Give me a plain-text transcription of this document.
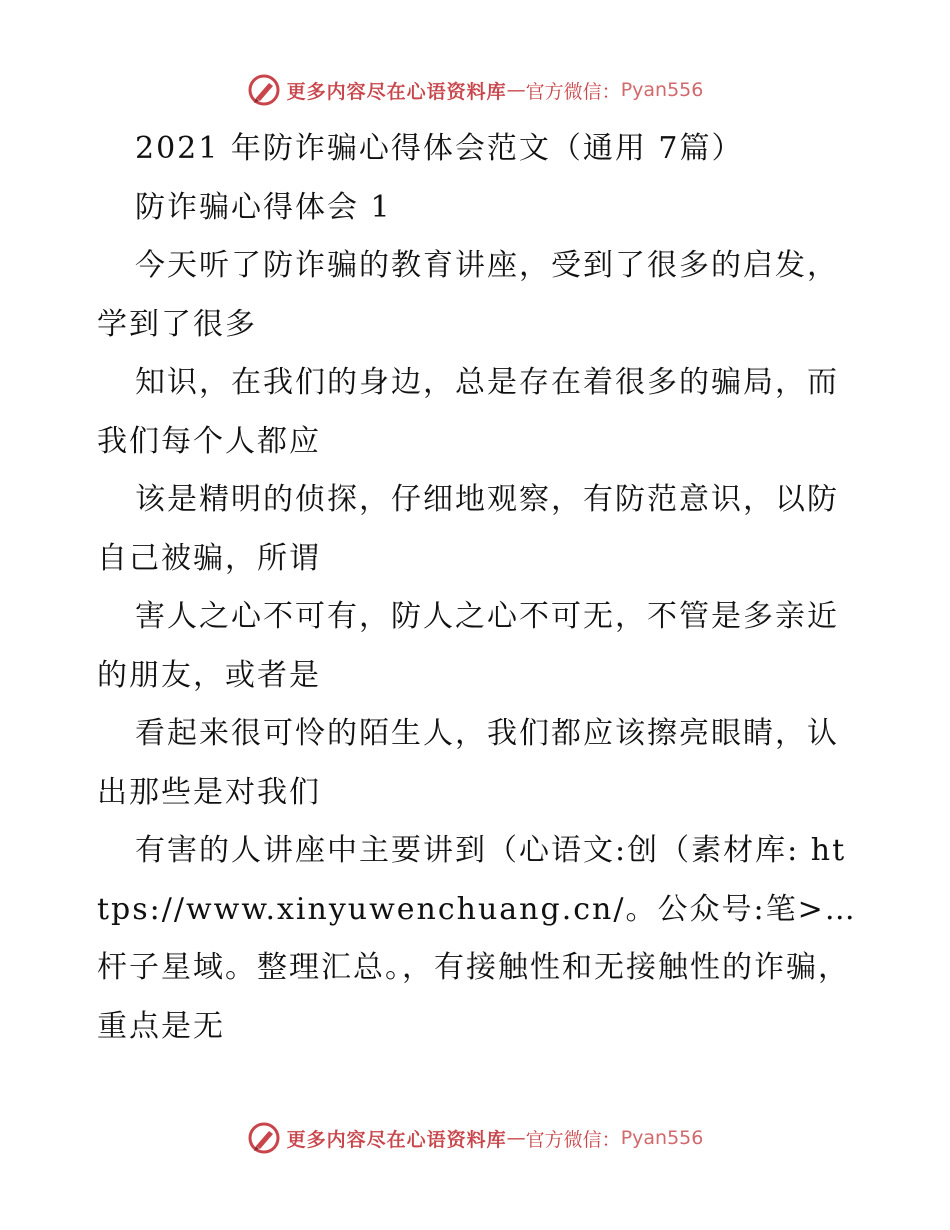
更多内容尽在心语资料库 — 官方微信： Pyan556

2021 年防诈骗心得体会范文（通用 7篇）

防诈骗心得体会 1

今天听了防诈骗的教育讲座，受到了很多的启发，学到了很多

知识，在我们的身边，总是存在着很多的骗局，而我们每个人都应

该是精明的侦探，仔细地观察，有防范意识，以防自己被骗，所谓

害人之心不可有，防人之心不可无，不管是多亲近的朋友，或者是

看起来很可怜的陌生人，我们都应该擦亮眼睛，认出那些是对我们

有害的人讲座中主要讲到（心语文:创（素材库: https://www.xinyuwenchuang.cn/。公众号:笔>…杆子星域。整理汇总。，有接触性和无接触性的诈骗，重点是无

更多内容尽在心语资料库 — 官方微信： Pyan556
